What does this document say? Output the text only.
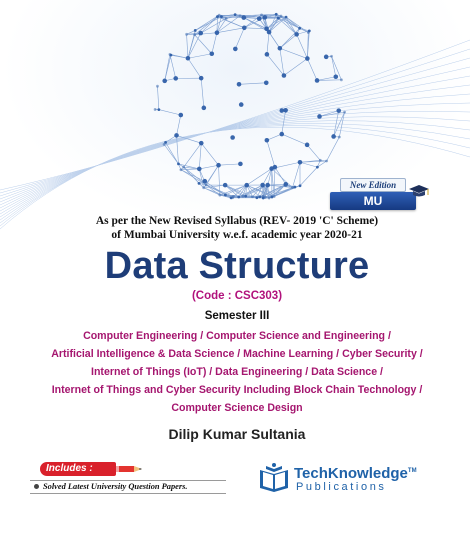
New Edition
MU
As per the New Revised Syllabus (REV- 2019 'C' Scheme)
of Mumbai University w.e.f. academic year 2020-21
Data Structure
(Code : CSC303)
Semester III
Computer Engineering / Computer Science and Engineering /
Artificial Intelligence & Data Science / Machine Learning / Cyber Security /
Internet of Things (IoT) / Data Engineering / Data Science /
Internet of Things and Cyber Security Including Block Chain Technology /
Computer Science Design
Dilip Kumar Sultania
Includes :
Solved Latest University Question Papers.
TechKnowledge™
Publications
